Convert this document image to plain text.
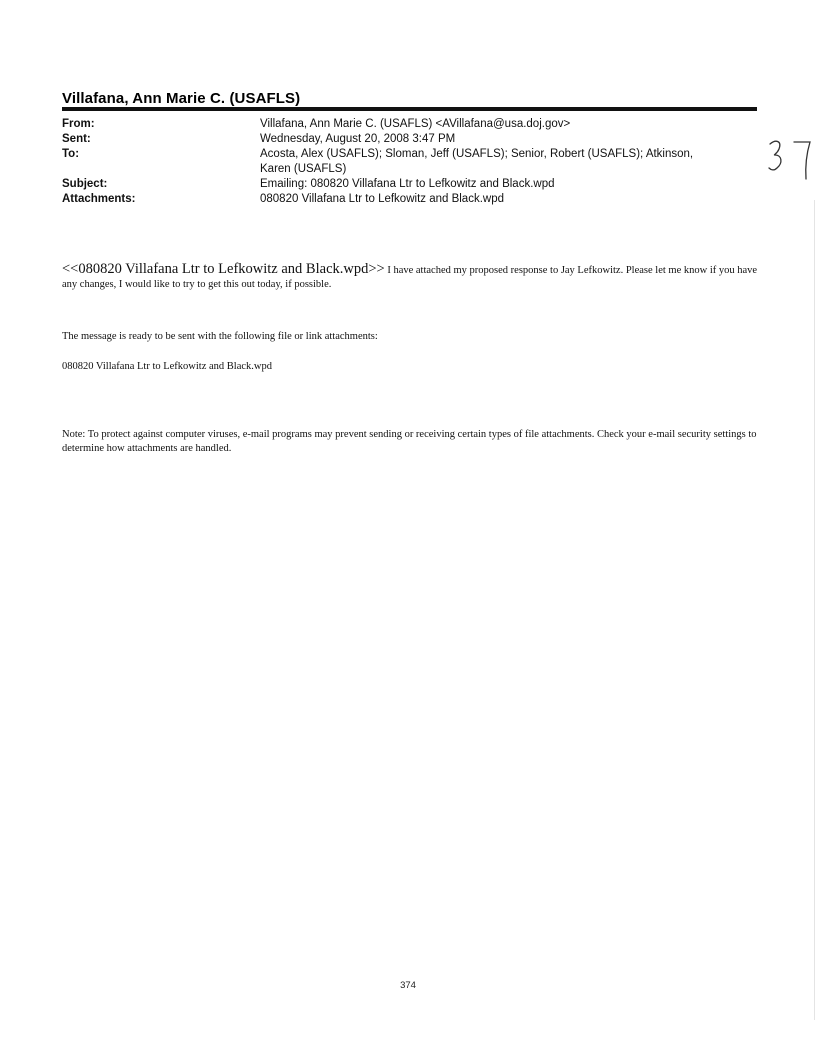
Villafana, Ann Marie C. (USAFLS)
From:	Villafana, Ann Marie C. (USAFLS) <AVillafana@usa.doj.gov>
Sent:	Wednesday, August 20, 2008 3:47 PM
To:	Acosta, Alex (USAFLS); Sloman, Jeff (USAFLS); Senior, Robert (USAFLS); Atkinson, Karen (USAFLS)
Subject:	Emailing: 080820 Villafana Ltr to Lefkowitz and Black.wpd
Attachments:	080820 Villafana Ltr to Lefkowitz and Black.wpd
<<080820 Villafana Ltr to Lefkowitz and Black.wpd>> I have attached my proposed response to Jay Lefkowitz. Please let me know if you have any changes, I would like to try to get this out today, if possible.
The message is ready to be sent with the following file or link attachments:
080820 Villafana Ltr to Lefkowitz and Black.wpd
Note: To protect against computer viruses, e-mail programs may prevent sending or receiving certain types of file attachments. Check your e-mail security settings to determine how attachments are handled.
374
